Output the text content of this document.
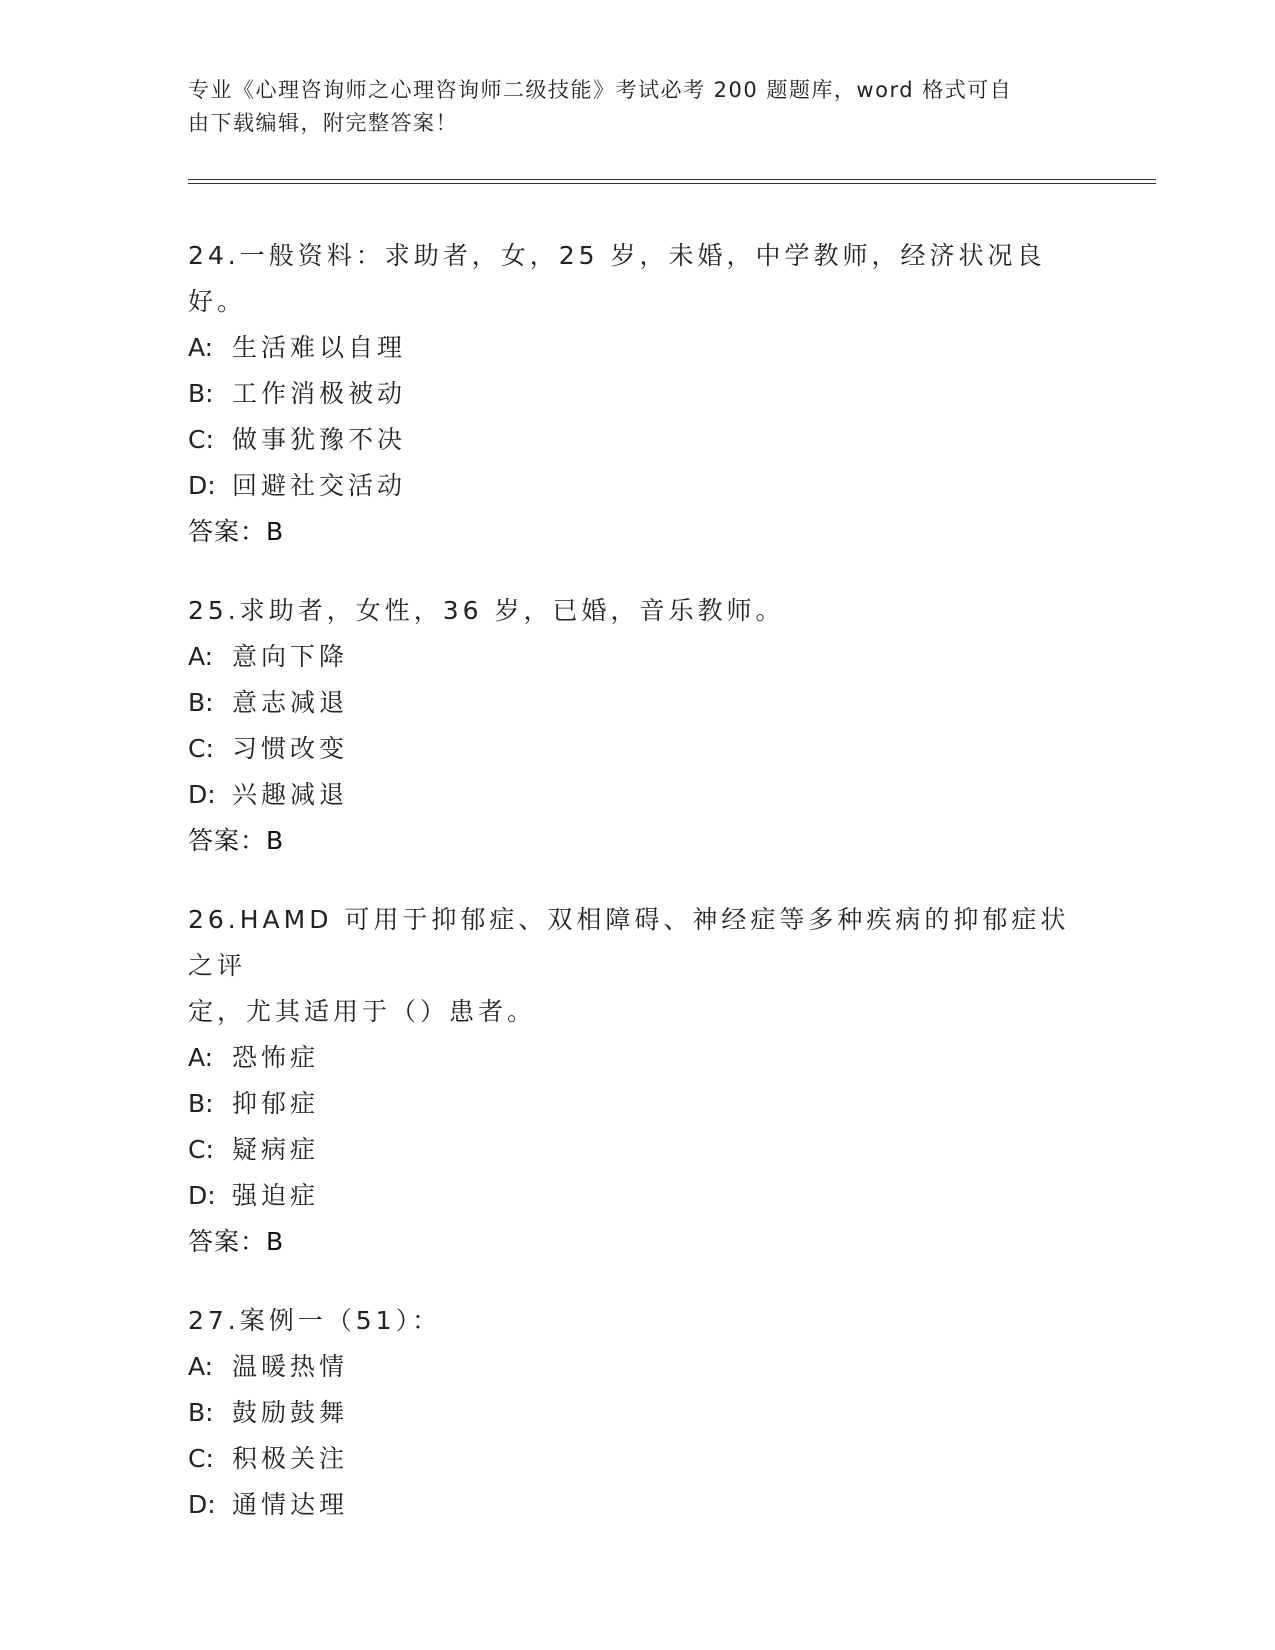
专业《心理咨询师之心理咨询师二级技能》考试必考 200 题题库，word 格式可自
由下载编辑，附完整答案！
24.一般资料：求助者，女，25 岁，未婚，中学教师，经济状况良好。
A: 生活难以自理
B: 工作消极被动
C: 做事犹豫不决
D: 回避社交活动
答案：B
25.求助者，女性，36 岁，已婚，音乐教师。
A: 意向下降
B: 意志减退
C: 习惯改变
D: 兴趣减退
答案：B
26.HAMD 可用于抑郁症、双相障碍、神经症等多种疾病的抑郁症状之评
定，尤其适用于（）患者。
A: 恐怖症
B: 抑郁症
C: 疑病症
D: 强迫症
答案：B
27.案例一（51）：
A: 温暖热情
B: 鼓励鼓舞
C: 积极关注
D: 通情达理
